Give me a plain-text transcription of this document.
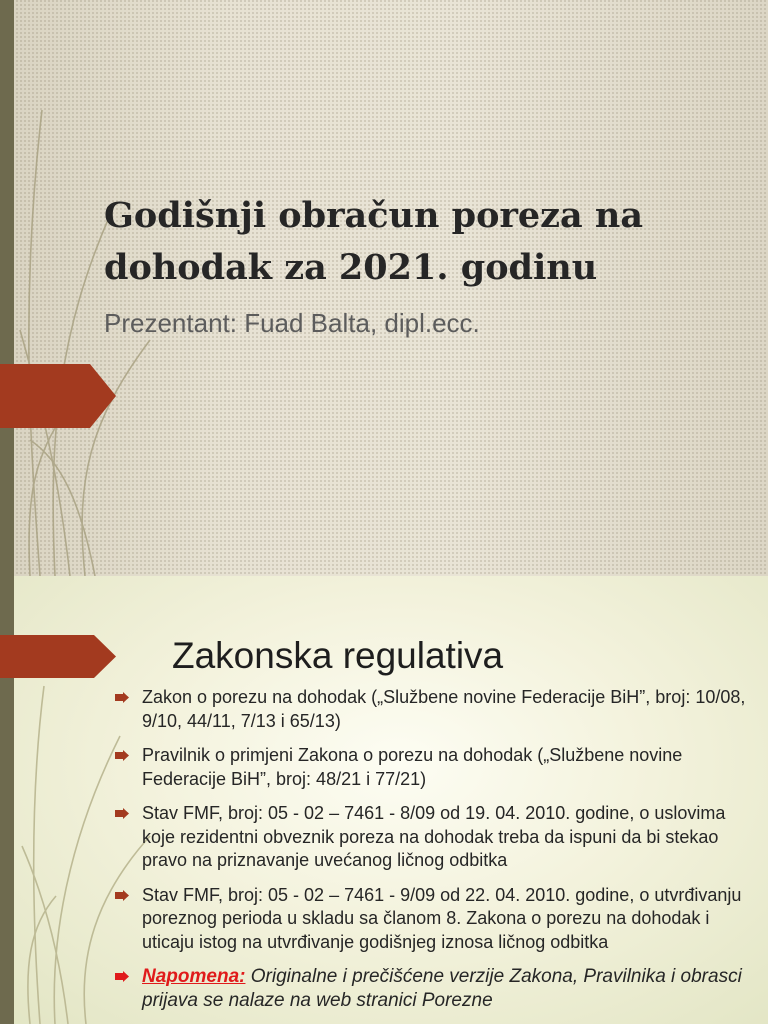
Godišnji obračun poreza na dohodak za 2021. godinu
Prezentant: Fuad Balta, dipl.ecc.
Zakonska regulativa
Zakon o porezu na dohodak („Službene novine Federacije BiH”, broj: 10/08, 9/10, 44/11, 7/13 i 65/13)
Pravilnik o primjeni Zakona o porezu na dohodak („Službene novine Federacije BiH”, broj: 48/21 i 77/21)
Stav FMF, broj: 05 - 02 – 7461 - 8/09 od 19. 04. 2010. godine, o uslovima koje rezidentni obveznik poreza na dohodak treba da ispuni da bi stekao pravo na priznavanje uvećanog ličnog odbitka
Stav FMF, broj: 05 - 02 – 7461 - 9/09 od 22. 04. 2010. godine, o utvrđivanju poreznog perioda u skladu sa članom 8. Zakona o porezu na dohodak i uticaju istog na utvrđivanje godišnjeg iznosa ličnog odbitka
Napomena: Originalne i prečišćene verzije Zakona, Pravilnika i obrasci prijava se nalaze na web stranici Porezne
